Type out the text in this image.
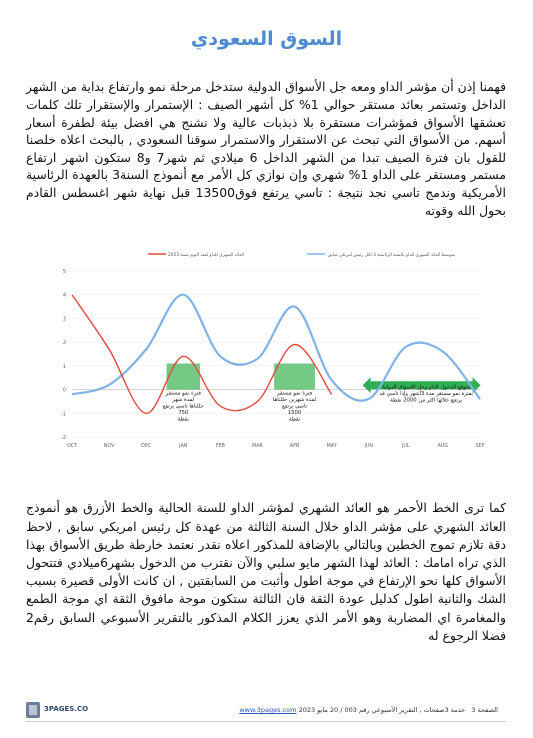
السوق السعودي

فهمنا إذن أن مؤشر الداو ومعه جل الأسواق الدولية ستدخل مرحلة نمو وارتفاع بداية من الشهر الداخل وتستمر بعائد مستقر حوالي 1% كل أشهر الصيف : الإستمرار والإستقرار تلك كلمات تعشقها الأسواق فمؤشرات مستقرة بلا ذبذبات عالية ولا تشنج هي افضل بيئة لطفرة أسعار أسهم. من الأسواق التي تبحث عن الاستقرار والاستمرار سوقنا السعودي , بالبحث اعلاه خلصنا للقول بان فترة الصيف تبدا من الشهر الداخل 6 ميلادي ثم شهر7 و8 ستكون اشهر ارتفاع مستمر ومستقر على الداو 1% شهري وإن نوازي كل الأمر مع أنموذج السنة3 بالعهدة الرئاسية الأمريكية وندمج تاسي نجد نتيجة : تاسي يرتفع فوق13500 قبل نهاية شهر اغسطس القادم بحول الله وقوته

العائد الشهري للداو لعقد اليوم بسنة 2023	متوسط العائد الشهري للداو بالسنة الرئاسية 3 لكل رئيس امريكي سابق
-2
-1
0
1
2
3
4
5
OCT	NOV	DEC	JAN	FEB	MAR	APR	MAY	JUN	JUL	AUG	SEP
فترة نمو مستقر لمدة شهر حللناها تاسي يرتفع 750 نقطة
فترة نمو مستقر لمدة شهرين حللناها تاسي يرتفع 1500 نقطة
متوقع الدخول الداو وجل الأسواق الدولية بفترة نمو مستقر مدة 3أشهر وإذا تاسي قد يرتفع خلالها اكثر من 2000 نقطة

كما ترى الخط الأحمر هو العائد الشهري لمؤشر الداو للسنة الحالية والخط الأزرق هو أنموذج العائد الشهري على مؤشر الداو خلال السنة الثالثة من عهدة كل رئيس امريكي سابق , لاحظ دقة تلازم تموج الخطين وبالتالي بالإضافة للمذكور اعلاه نقدر نعتمد خارطة طريق الأسواق بهذا الذي تراه امامك : العائد لهذا الشهر مايو سلبي والآن نقترب من الدخول بشهر6ميلادي فتتحول الأسواق كلها نحو الإرتفاع في موجة اطول وأثبت من السابقتين , ان كانت الأولى قصيرة بسبب الشك والثانية اطول كدليل عودة الثقة فان الثالثة ستكون موجة مافوق الثقة اي موجة الطمع والمغامرة اي المضاربة وهو الأمر الذي يعزز الكلام المذكور بالتقرير الأسبوعي السابق رقم2 فضلا الرجوع له

3PAGES.CO	الصفحة 3   خدمة 3صفحات , التقرير الأسبوعي رقم 003 / 20 مايو 2023 www.3pages.com
